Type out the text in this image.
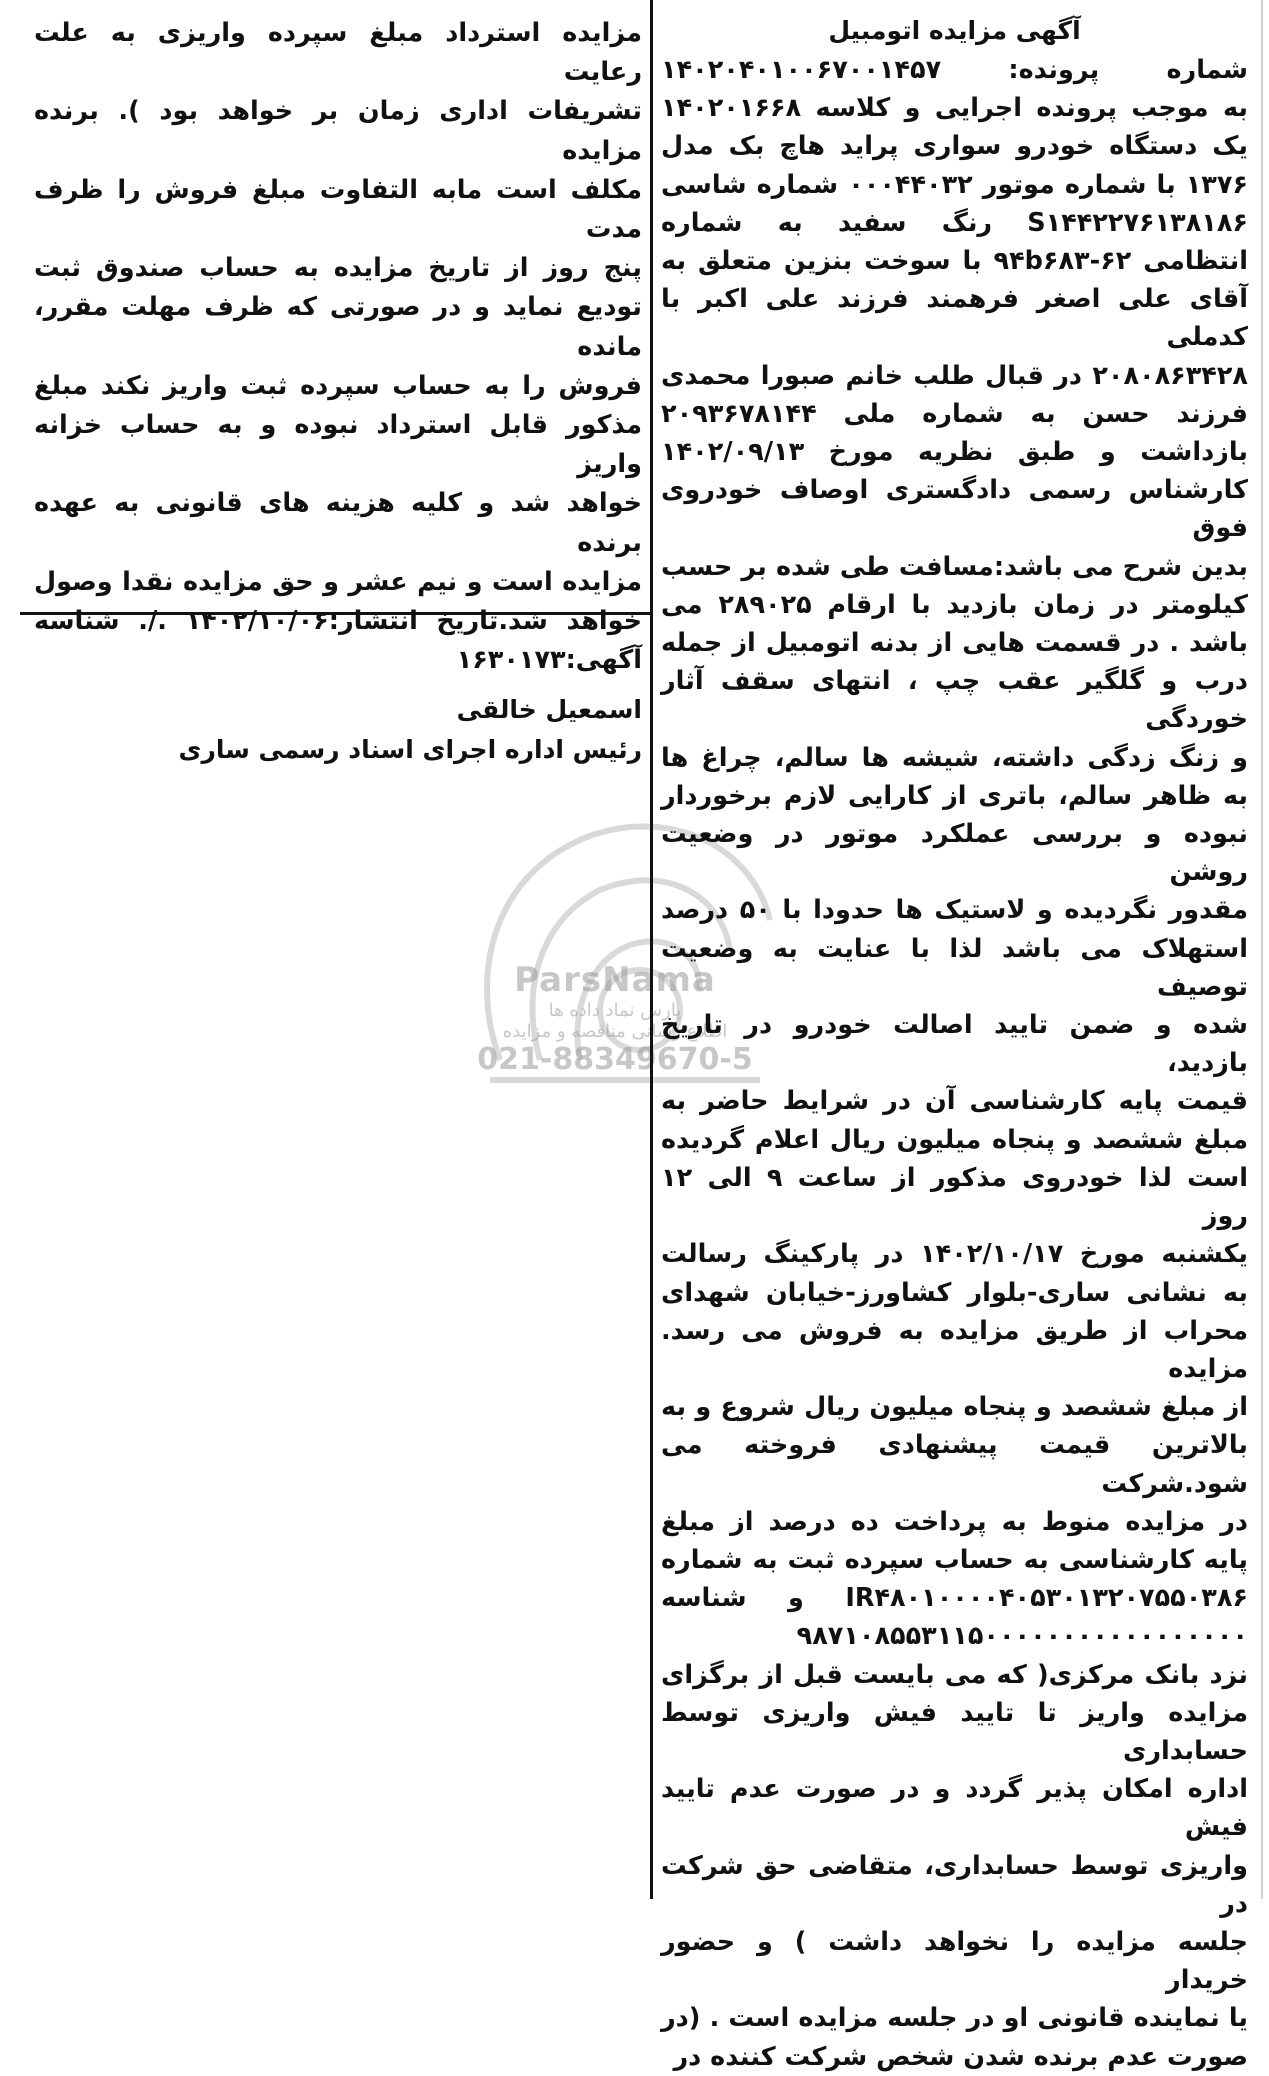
ParsNama
پارس نماد داده ها
اطلاع رسانی مناقصه و مزایده
021-88349670-5
آگهی مزایده اتومبیل

شماره پرونده: ۱۴۰۲۰۴۰۱۰۰۶۷۰۰۱۴۵۷

به موجب پرونده اجرایی و کلاسه ۱۴۰۲۰۱۶۶۸

یک دستگاه خودرو سواری پراید هاچ بک مدل

۱۳۷۶ با شماره موتور ۰۰۰۴۴۰۳۲ شماره شاسی

S۱۴۴۲۲۷۶۱۳۸۱۸۶ رنگ سفید به شماره

انتظامی ۶۲-۹۴b۶۸۳ با سوخت بنزین متعلق به

آقای علی اصغر فرهمند فرزند علی اکبر با کدملی

۲۰۸۰۸۶۳۴۲۸ در قبال طلب خانم صبورا محمدی

فرزند حسن به شماره ملی ۲۰۹۳۶۷۸۱۴۴

بازداشت و طبق نظریه مورخ ۱۴۰۲/۰۹/۱۳

کارشناس رسمی دادگستری اوصاف خودروی فوق

بدین شرح می باشد:مسافت طی شده بر حسب

کیلومتر در زمان بازدید با ارقام ۲۸۹۰۲۵ می

باشد . در قسمت هایی از بدنه اتومبیل از جمله

درب و گلگیر عقب چپ ، انتهای سقف آثار خوردگی

و زنگ زدگی داشته، شیشه ها سالم، چراغ ها

به ظاهر سالم، باتری از کارایی لازم برخوردار

نبوده و بررسی عملکرد موتور در وضعیت روشن

مقدور نگردیده و لاستیک ها حدودا با ۵۰ درصد

استهلاک می باشد لذا با عنایت به وضعیت توصیف

شده و ضمن تایید اصالت خودرو در تاریخ بازدید،

قیمت پایه کارشناسی آن در شرایط حاضر به

مبلغ ششصد و پنجاه میلیون ریال اعلام گردیده

است لذا خودروی مذکور از ساعت ۹ الی ۱۲ روز

یکشنبه مورخ ۱۴۰۲/۱۰/۱۷ در پارکینگ رسالت

به نشانی ساری-بلوار کشاورز-خیابان شهدای

محراب از طریق مزایده به فروش می رسد. مزایده

از مبلغ ششصد و پنجاه میلیون ریال شروع و به

بالاترین قیمت پیشنهادی فروخته می شود.شرکت

در مزایده منوط به پرداخت ده درصد از مبلغ

پایه کارشناسی به حساب سپرده ثبت به شماره

IR۴۸۰۱۰۰۰۰۴۰۵۳۰۱۳۲۰۷۵۵۰۳۸۶ و شناسه

۹۸۷۱۰۸۵۵۳۱۱۵۰۰۰۰۰۰۰۰۰۰۰۰۰۰۰۰۰

نزد بانک مرکزی( که می بایست قبل از برگزای

مزایده واریز تا تایید فیش واریزی توسط حسابداری

اداره امکان پذیر گردد و در صورت عدم تایید فیش

واریزی توسط حسابداری، متقاضی حق شرکت در

جلسه مزایده را نخواهد داشت ) و حضور خریدار

یا نماینده قانونی او در جلسه مزایده است . (در

صورت عدم برنده شدن شخص شرکت کننده در

مزایده استرداد مبلغ سپرده واریزی به علت رعایت

تشریفات اداری زمان بر خواهد بود ). برنده مزایده

مکلف است مابه التفاوت مبلغ فروش را ظرف مدت

پنج روز از تاریخ مزایده به حساب صندوق ثبت

تودیع نماید و در صورتی که ظرف مهلت مقرر، مانده

فروش را به حساب سپرده ثبت واریز نکند مبلغ

مذکور قابل استرداد نبوده و به حساب خزانه واریز

خواهد شد و کلیه هزینه های قانونی به عهده برنده

مزایده است و نیم عشر و حق مزایده نقدا وصول

خواهد شد.تاریخ انتشار:۱۴۰۲/۱۰/۰۶ ./. شناسه

آگهی:۱۶۳۰۱۷۳

اسمعیل خالقی
رئیس اداره اجرای اسناد رسمی ساری
